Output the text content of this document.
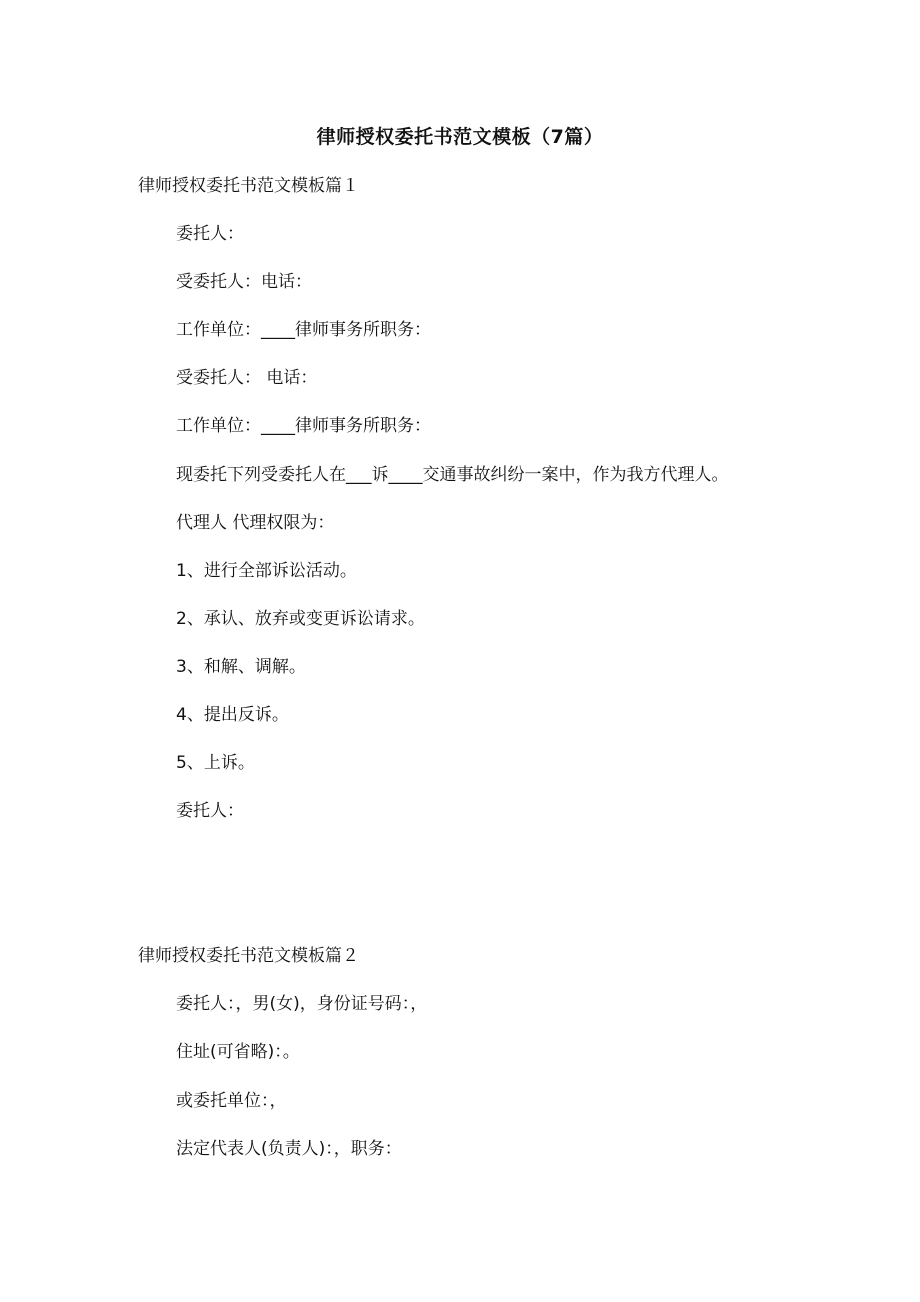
律师授权委托书范文模板（7篇）
律师授权委托书范文模板篇１
委托人：
受委托人：电话：
工作单位：____律师事务所职务：
受委托人： 电话：
工作单位：____律师事务所职务：
现委托下列受委托人在___诉____交通事故纠纷一案中，作为我方代理人。
代理人 代理权限为：
1、进行全部诉讼活动。
2、承认、放弃或变更诉讼请求。
3、和解、调解。
4、提出反诉。
5、上诉。
委托人：
律师授权委托书范文模板篇２
委托人：，男(女)，身份证号码：，
住址(可省略)：。
或委托单位：，
法定代表人(负责人)：，职务：
